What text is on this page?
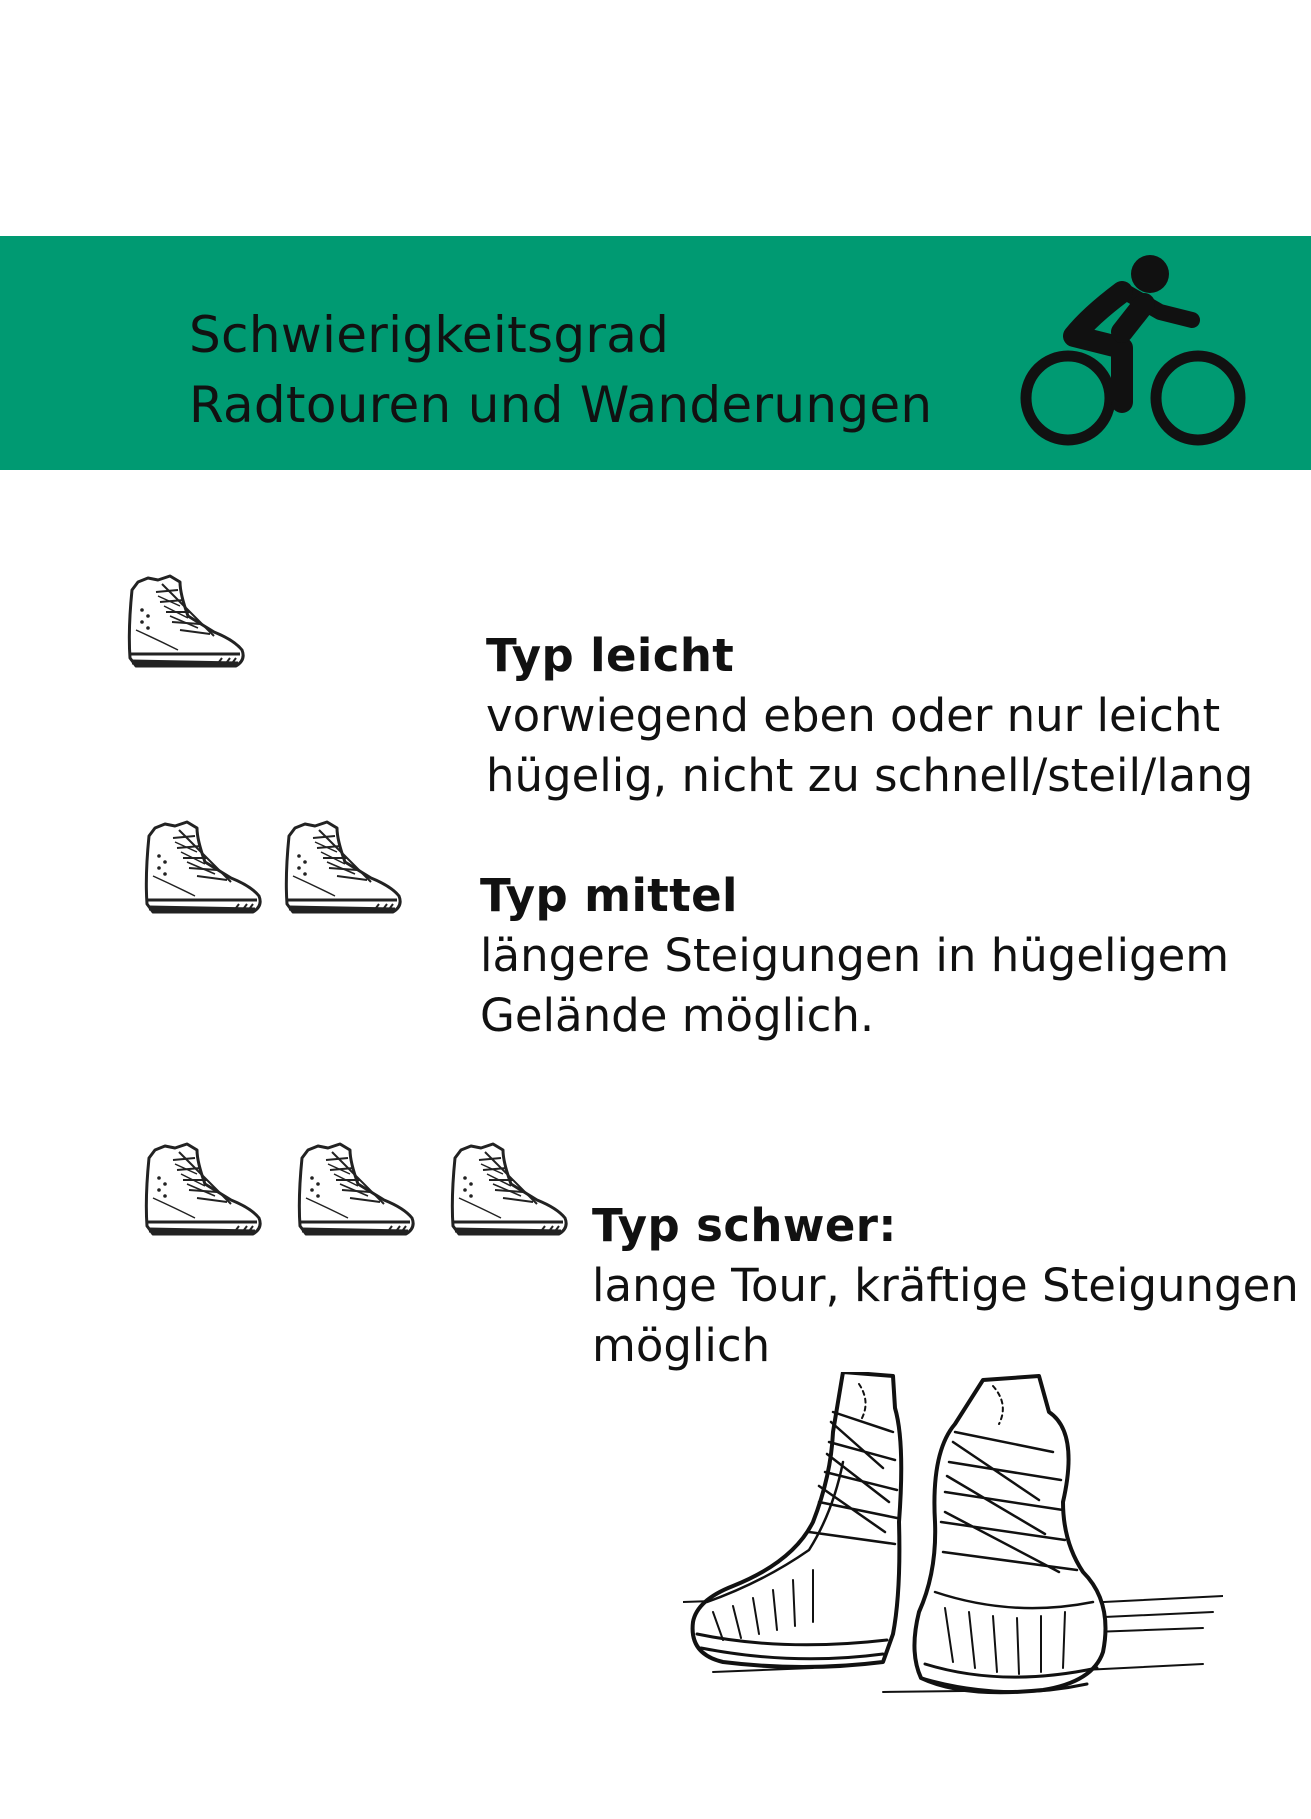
Schwierigkeitsgrad
Radtouren und Wanderungen
Typ leicht
vorwiegend eben oder nur leicht
hügelig, nicht zu schnell/steil/lang
Typ mittel
längere Steigungen in hügeligem
Gelände möglich.
Typ schwer:
lange Tour, kräftige Steigungen
möglich
